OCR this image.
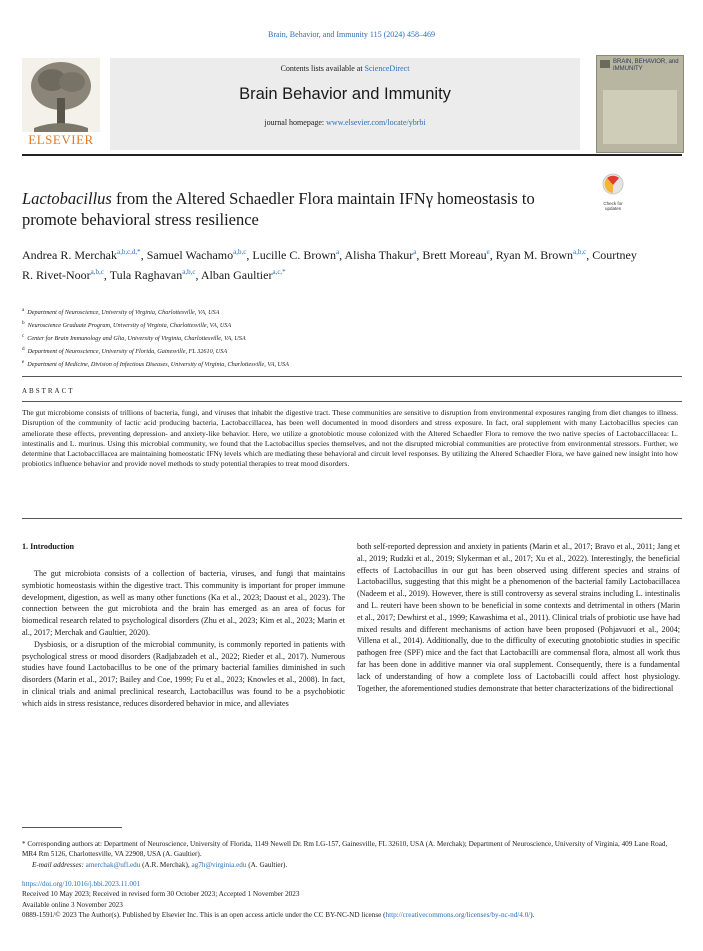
Brain, Behavior, and Immunity 115 (2024) 458–469
ELSEVIER
Contents lists available at ScienceDirect
Brain Behavior and Immunity
journal homepage: www.elsevier.com/locate/ybrbi
BRAIN, BEHAVIOR, and IMMUNITY
Lactobacillus from the Altered Schaedler Flora maintain IFNγ homeostasis to promote behavioral stress resilience
Check for updates
Andrea R. Merchak$^{a,b,c,d,*}$, Samuel Wachamo$^{a,b,c}$, Lucille C. Brown$^a$, Alisha Thakur$^a$, Brett Moreau$^e$, Ryan M. Brown$^{a,b,c}$, Courtney R. Rivet-Noor$^{a,b,c}$, Tula Raghavan$^{a,b,c}$, Alban Gaultier$^{a,c,*}$
$^a$ Department of Neuroscience, University of Virginia, Charlottesville, VA, USA
$^b$ Neuroscience Graduate Program, University of Virginia, Charlottesville, VA, USA
$^c$ Center for Brain Immunology and Glia, University of Virginia, Charlottesville, VA, USA
$^d$ Department of Neuroscience, University of Florida, Gainesville, FL 32610, USA
$^e$ Department of Medicine, Division of Infectious Diseases, University of Virginia, Charlottesville, VA, USA
ABSTRACT
The gut microbiome consists of trillions of bacteria, fungi, and viruses that inhabit the digestive tract. These communities are sensitive to disruption from environmental exposures ranging from diet changes to illness. Disruption of the community of lactic acid producing bacteria, Lactobaccillacea, has been well documented in mood disorders and stress exposure. In fact, oral supplement with many Lactobacillus species can ameliorate these effects, preventing depression- and anxiety-like behavior. Here, we utilize a gnotobiotic mouse colonized with the Altered Schaedler Flora to remove the two native species of Lactobaccillacea: L. intestinalis and L. murinus. Using this microbial community, we found that the Lactobacillus species themselves, and not the disrupted microbial communities are protective from environmental stressors. Further, we determine that Lactobaccillacea are maintaining homeostatic IFNγ levels which are mediating these behavioral and circuit level responses. By utilizing the Altered Schaedler Flora, we have gained new insight into how probiotics influence behavior and provide novel methods to study potential therapies to treat mood disorders.
1. Introduction

The gut microbiota consists of a collection of bacteria, viruses, and fungi that maintains symbiotic homeostasis within the digestive tract. This community is important for proper immune development, digestion, as well as many other functions (Ka et al., 2023; Daoust et al., 2023). The connection between the gut microbiota and the brain has emerged as an area of focus for biomedical research related to psychological disorders (Zhu et al., 2023; Kim et al., 2023; Marin et al., 2017; Merchak and Gaultier, 2020).

Dysbiosis, or a disruption of the microbial community, is commonly reported in patients with psychological stress or mood disorders (Radjabzadeh et al., 2022; Rieder et al., 2017). Numerous studies have found Lactobacillus to be one of the primary bacterial families diminished in such disorders (Marin et al., 2017; Bailey and Coe, 1999; Fu et al., 2023; Knowles et al., 2008). In fact, in clinical trials and animal preclinical research, Lactobacillus was found to be a psychobiotic which aids in stress resistance, reduces disordered behavior in mice, and alleviates

both self-reported depression and anxiety in patients (Marin et al., 2017; Bravo et al., 2011; Jang et al., 2019; Rudzki et al., 2019; Slykerman et al., 2017; Xu et al., 2022). Interestingly, the beneficial effects of Lactobacillus in our gut has been observed using different species and strains of Lactobacillus, suggesting that this might be a phenomenon of the bacterial family Lactobacillacea (Nadeem et al., 2019). However, there is still controversy as several strains including L. intestinalis and L. reuteri have been shown to be beneficial in some contexts and detrimental in others (Marin et al., 2017; Dewhirst et al., 1999; Kawashima et al., 2011). Clinical trials of probiotic use have had mixed results and different mechanisms of action have been proposed (Pohjavuori et al., 2004; Villena et al., 2014). Additionally, due to the difficulty of executing gnotobiotic studies in specific pathogen free (SPF) mice and the fact that Lactobacilli are commensal flora, almost all work thus far has been done in additive manner via oral supplement. Consequently, there is a fundamental lack of understanding of how a complete loss of Lactobacilli could affect host physiology. Together, the aforementioned studies demonstrate that better characterizations of the bidirectional

* Corresponding authors at: Department of Neuroscience, University of Florida, 1149 Newell Dr. Rm LG-157, Gainesville, FL 32610, USA (A. Merchak); Department of Neuroscience, University of Virginia, 409 Lane Road, MR4 Rm 5126, Charlottesville, VA 22908, USA (A. Gaultier).
E-mail addresses: amerchak@ufl.edu (A.R. Merchak), ag7h@virginia.edu (A. Gaultier).
https://doi.org/10.1016/j.bbi.2023.11.001
Received 10 May 2023; Received in revised form 30 October 2023; Accepted 1 November 2023
Available online 3 November 2023
0889-1591/© 2023 The Author(s). Published by Elsevier Inc. This is an open access article under the CC BY-NC-ND license (http://creativecommons.org/licenses/by-nc-nd/4.0/).
